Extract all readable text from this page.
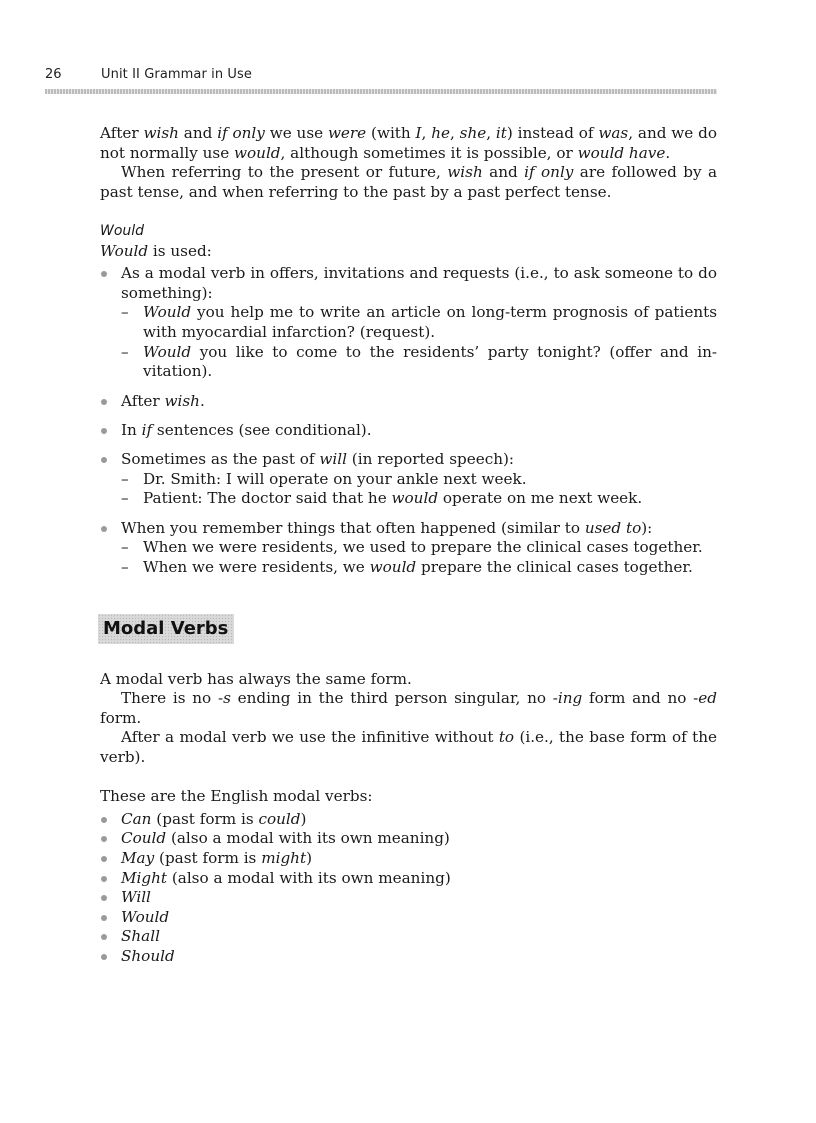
26	Unit II Grammar in Use

After wish and if only we use were (with I, he, she, it) instead of was, and we do not normally use would, although sometimes it is possible, or would have.

When referring to the present or future, wish and if only are followed by a past tense, and when referring to the past by a past perfect tense.

Would

Would is used:

As a modal verb in offers, invitations and requests (i.e., to ask someone to do something):

– Would you help me to write an article on long-term prognosis of patients with myocardial infarction? (request).
– Would you like to come to the residents’ party tonight? (offer and invitation).

After wish.

In if sentences (see conditional).

Sometimes as the past of will (in reported speech):

– Dr. Smith: I will operate on your ankle next week.
– Patient: The doctor said that he would operate on me next week.

When you remember things that often happened (similar to used to):

– When we were residents, we used to prepare the clinical cases together.
– When we were residents, we would prepare the clinical cases together.
Modal Verbs

A modal verb has always the same form.

There is no -s ending in the third person singular, no -ing form and no -ed form.

After a modal verb we use the infinitive without to (i.e., the base form of the verb).

These are the English modal verbs:

Can (past form is could)
Could (also a modal with its own meaning)
May (past form is might)
Might (also a modal with its own meaning)
Will
Would
Shall
Should
